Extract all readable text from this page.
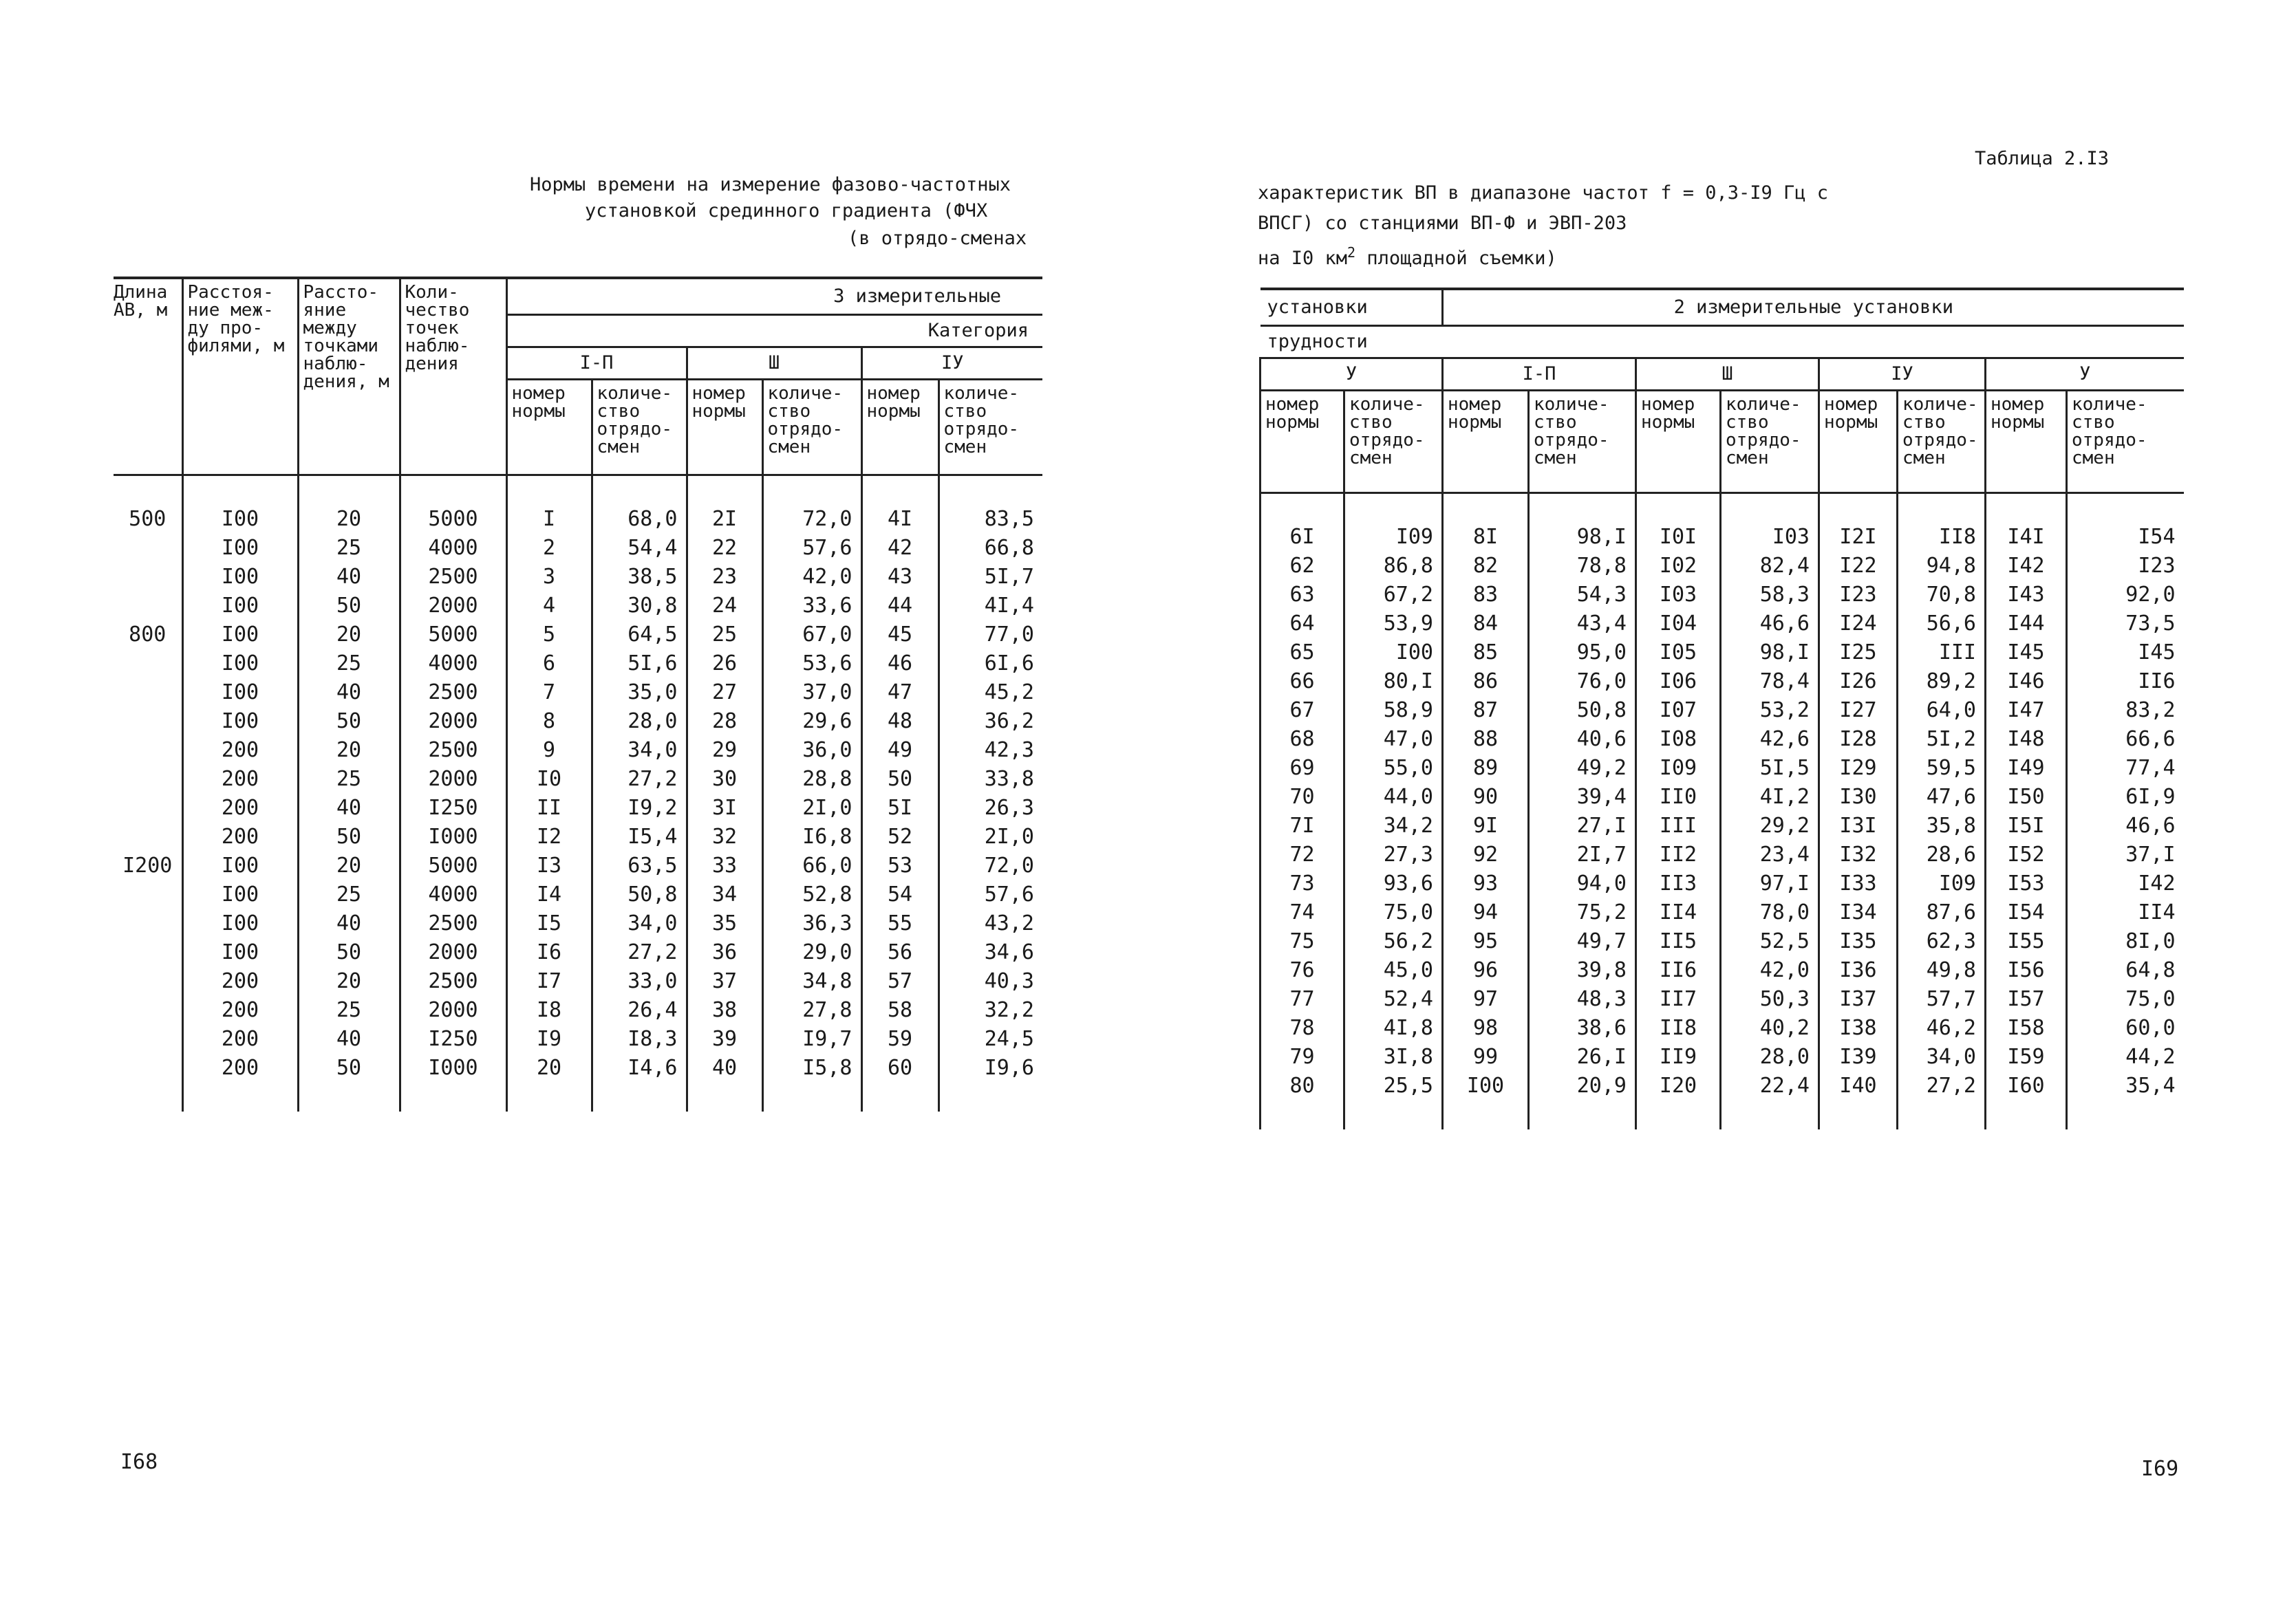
Нормы времени на измерение фазово-частотных
установкой срединного градиента (ФЧХ
(в отрядо-сменах
Длина АВ, м	Расстоя-ние меж-ду про-филями, м	Рассто-яние между точками наблю-дения, м	Коли-чество точек наблю-дения	3 измерительные					
				Категория					
				I-П		Ш		IУ	
				номер нормы	количе-ство отрядо-смен	номер нормы	количе-ство отрядо-смен	номер нормы	количе-ство отрядо-смен

500	I00	20	5000	I	68,0	2I	72,0	4I	83,5
	I00	25	4000	2	54,4	22	57,6	42	66,8
	I00	40	2500	3	38,5	23	42,0	43	5I,7
	I00	50	2000	4	30,8	24	33,6	44	4I,4
800	I00	20	5000	5	64,5	25	67,0	45	77,0
	I00	25	4000	6	5I,6	26	53,6	46	6I,6
	I00	40	2500	7	35,0	27	37,0	47	45,2
	I00	50	2000	8	28,0	28	29,6	48	36,2
	200	20	2500	9	34,0	29	36,0	49	42,3
	200	25	2000	I0	27,2	30	28,8	50	33,8
	200	40	I250	II	I9,2	3I	2I,0	5I	26,3
	200	50	I000	I2	I5,4	32	I6,8	52	2I,0
I200	I00	20	5000	I3	63,5	33	66,0	53	72,0
	I00	25	4000	I4	50,8	34	52,8	54	57,6
	I00	40	2500	I5	34,0	35	36,3	55	43,2
	I00	50	2000	I6	27,2	36	29,0	56	34,6
	200	20	2500	I7	33,0	37	34,8	57	40,3
	200	25	2000	I8	26,4	38	27,8	58	32,2
	200	40	I250	I9	I8,3	39	I9,7	59	24,5
	200	50	I000	20	I4,6	40	I5,8	60	I9,6

I68
Таблица 2.I3
характеристик ВП в диапазоне частот f = 0,3-I9 Гц с
ВПСГ) со станциями ВП-Ф и ЭВП-203
на I0 $км^2$ площадной съемки)
установки		2 измерительные установки							
трудности									
У		I-П		Ш		IУ		У	
номер нормы	количе-ство отрядо-смен	номер нормы	количе-ство отрядо-смен	номер нормы	количе-ство отрядо-смен	номер нормы	количе-ство отрядо-смен	номер нормы	количе-ство отрядо-смен

6I	I09	8I	98,I	I0I	I03	I2I	II8	I4I	I54
62	86,8	82	78,8	I02	82,4	I22	94,8	I42	I23
63	67,2	83	54,3	I03	58,3	I23	70,8	I43	92,0
64	53,9	84	43,4	I04	46,6	I24	56,6	I44	73,5
65	I00	85	95,0	I05	98,I	I25	III	I45	I45
66	80,I	86	76,0	I06	78,4	I26	89,2	I46	II6
67	58,9	87	50,8	I07	53,2	I27	64,0	I47	83,2
68	47,0	88	40,6	I08	42,6	I28	5I,2	I48	66,6
69	55,0	89	49,2	I09	5I,5	I29	59,5	I49	77,4
70	44,0	90	39,4	II0	4I,2	I30	47,6	I50	6I,9
7I	34,2	9I	27,I	III	29,2	I3I	35,8	I5I	46,6
72	27,3	92	2I,7	II2	23,4	I32	28,6	I52	37,I
73	93,6	93	94,0	II3	97,I	I33	I09	I53	I42
74	75,0	94	75,2	II4	78,0	I34	87,6	I54	II4
75	56,2	95	49,7	II5	52,5	I35	62,3	I55	8I,0
76	45,0	96	39,8	II6	42,0	I36	49,8	I56	64,8
77	52,4	97	48,3	II7	50,3	I37	57,7	I57	75,0
78	4I,8	98	38,6	II8	40,2	I38	46,2	I58	60,0
79	3I,8	99	26,I	II9	28,0	I39	34,0	I59	44,2
80	25,5	I00	20,9	I20	22,4	I40	27,2	I60	35,4

I69
